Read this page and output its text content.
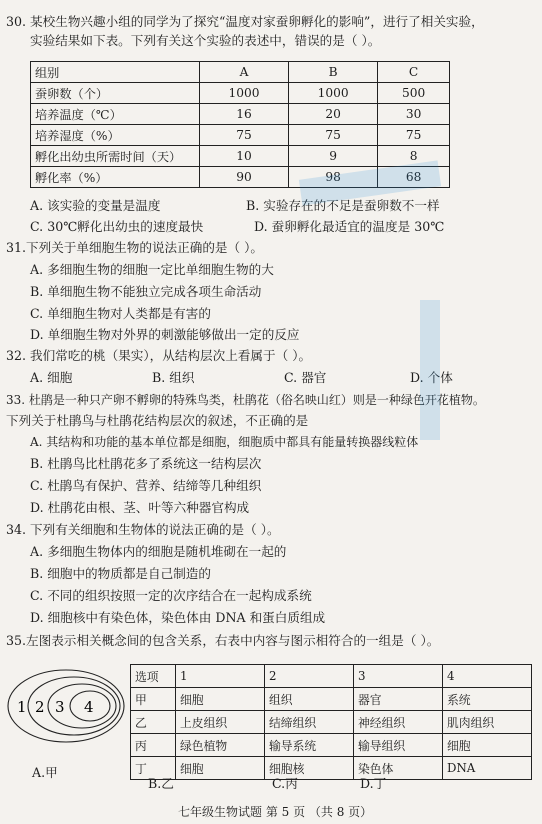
30. 某校生物兴趣小组的同学为了探究“温度对家蚕卵孵化的影响”，进行了相关实验，
实验结果如下表。下列有关这个实验的表述中，错误的是（ ）。
组别	A	B	C
蚕卵数（个）	1000	1000	500
培养温度（℃）	16	20	30
培养湿度（%）	75	75	75
孵化出幼虫所需时间（天）	10	9	8
孵化率（%）	90	98	68
A. 该实验的变量是温度	B. 实验存在的不足是蚕卵数不一样
C. 30℃孵化出幼虫的速度最快	D. 蚕卵孵化最适宜的温度是 30℃
31.下列关于单细胞生物的说法正确的是（ ）。
A. 多细胞生物的细胞一定比单细胞生物的大
B. 单细胞生物不能独立完成各项生命活动
C. 单细胞生物对人类都是有害的
D. 单细胞生物对外界的刺激能够做出一定的反应
32. 我们常吃的桃（果实），从结构层次上看属于（ ）。
A. 细胞	B. 组织	C. 器官	D. 个体
33. 杜鹃是一种只产卵不孵卵的特殊鸟类，杜鹃花（俗名映山红）则是一种绿色开花植物。
下列关于杜鹃鸟与杜鹃花结构层次的叙述，不正确的是
A. 其结构和功能的基本单位都是细胞，细胞质中都具有能量转换器线粒体
B. 杜鹃鸟比杜鹃花多了系统这一结构层次
C. 杜鹃鸟有保护、营养、结缔等几种组织
D. 杜鹃花由根、茎、叶等六种器官构成
34. 下列有关细胞和生物体的说法正确的是（ ）。
A. 多细胞生物体内的细胞是随机堆砌在一起的
B. 细胞中的物质都是自己制造的
C. 不同的组织按照一定的次序结合在一起构成系统
D. 细胞核中有染色体，染色体由 DNA 和蛋白质组成
35.左图表示相关概念间的包含关系，右表中内容与图示相符合的一组是（ ）。
1 2 3 4
选项	1	2	3	4
甲	细胞	组织	器官	系统
乙	上皮组织	结缔组织	神经组织	肌肉组织
丙	绿色植物	输导系统	输导组织	细胞
丁	细胞	细胞核	染色体	DNA
A.甲
B.乙	C.丙	D.丁
七年级生物试题 第 5 页 （共 8 页）
